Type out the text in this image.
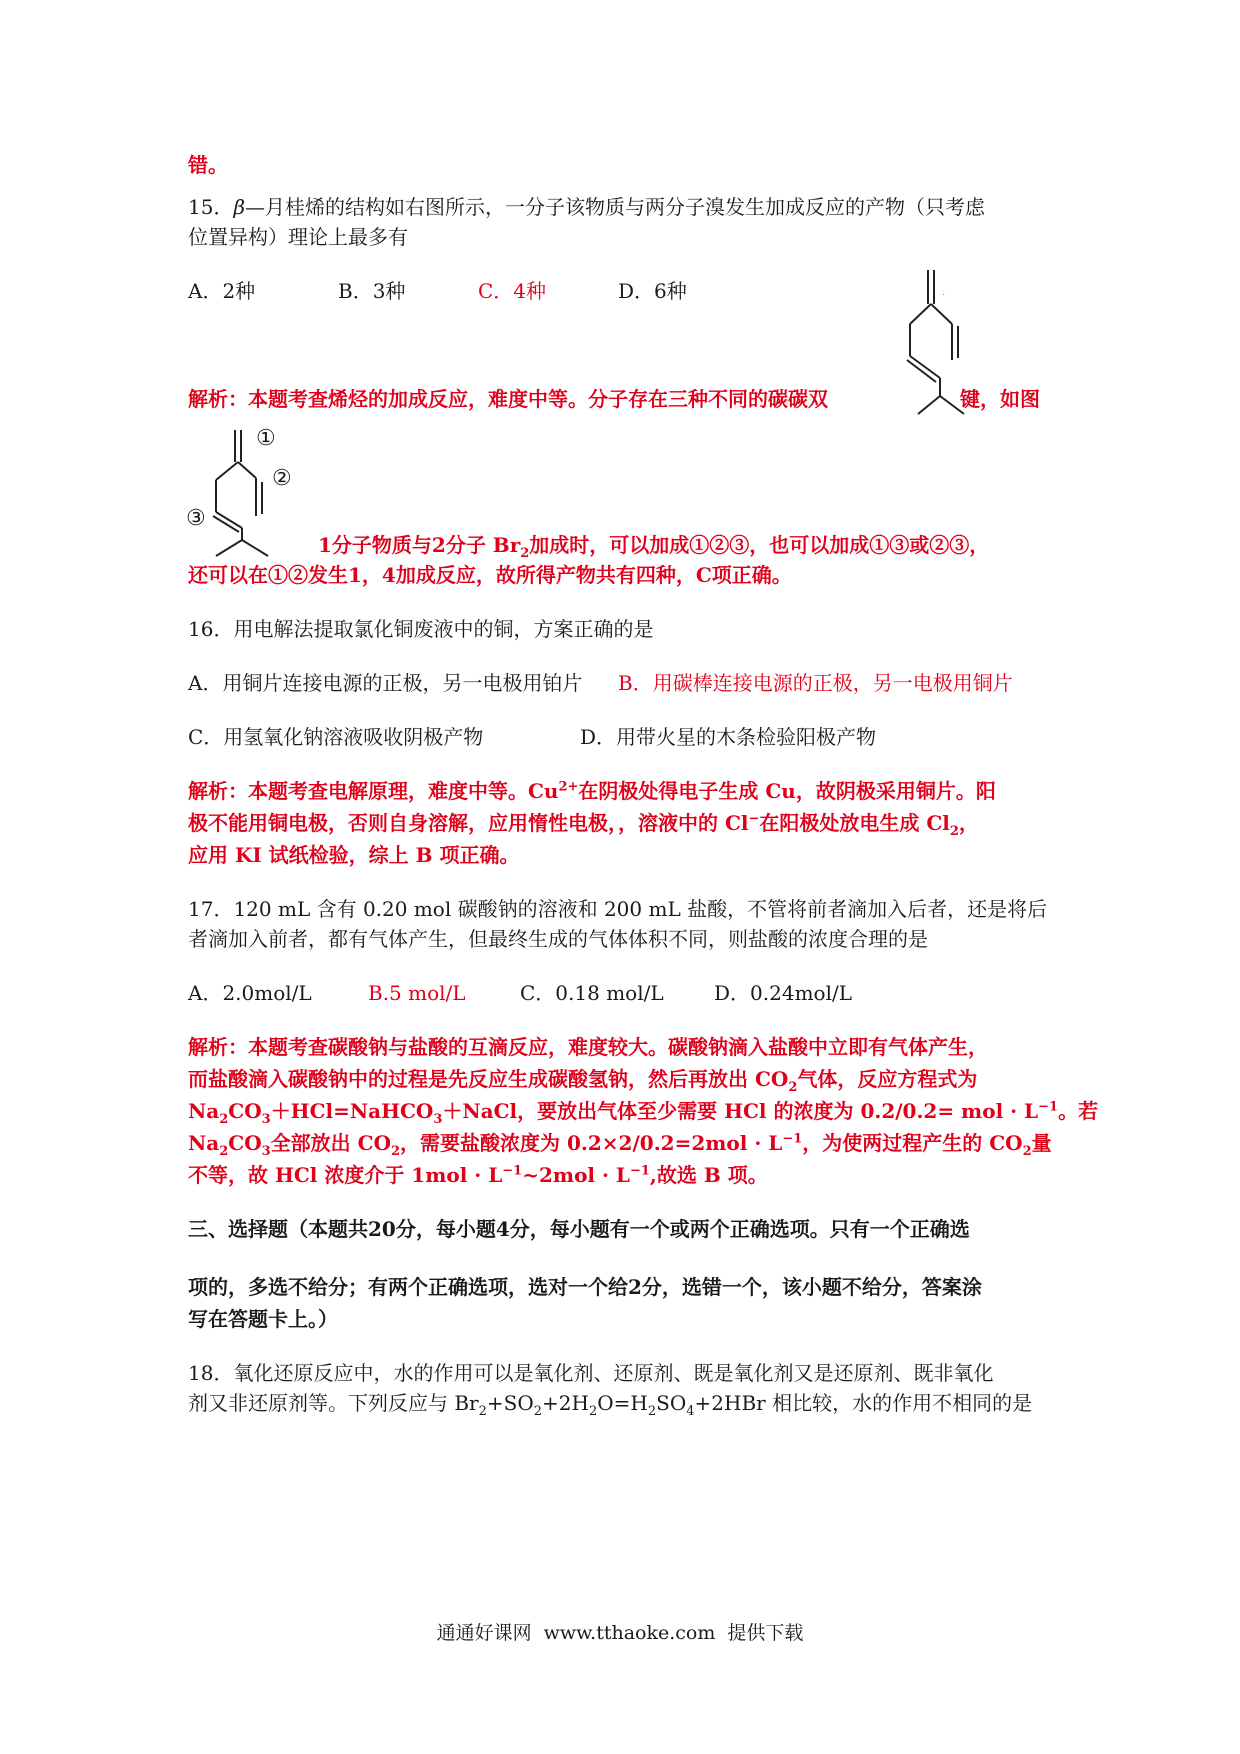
错。
15．β—月桂烯的结构如右图所示，一分子该物质与两分子溴发生加成反应的产物（只考虑
位置异构）理论上最多有
A．2种	B．3种	C．4种	D．6种	·
解析：本题考查烯烃的加成反应，难度中等。分子存在三种不同的碳碳双	键，如图
①
②
③
1分子物质与2分子 $Br_2$加成时，可以加成①②③，也可以加成①③或②③，
还可以在①②发生1，4加成反应，故所得产物共有四种，C项正确。
16．用电解法提取氯化铜废液中的铜，方案正确的是
A．用铜片连接电源的正极，另一电极用铂片 B．用碳棒连接电源的正极，另一电极用铜片
C．用氢氧化钠溶液吸收阴极产物	D．用带火星的木条检验阳极产物
解析：本题考查电解原理，难度中等。$Cu^{2+}$在阴极处得电子生成 Cu，故阴极采用铜片。阳
极不能用铜电极，否则自身溶解，应用惰性电极，，溶液中的 Cl−在阳极处放电生成 $Cl_2$，
应用 KI 试纸检验，综上 B 项正确。
17．120 mL 含有 0.20 mol 碳酸钠的溶液和 200 mL 盐酸，不管将前者滴加入后者，还是将后
者滴加入前者，都有气体产生，但最终生成的气体体积不同，则盐酸的浓度合理的是
A．2.0mol/L	B.5 mol/L	C．0.18 mol/L	D．0.24mol/L
解析：本题考查碳酸钠与盐酸的互滴反应，难度较大。碳酸钠滴入盐酸中立即有气体产生，
而盐酸滴入碳酸钠中的过程是先反应生成碳酸氢钠，然后再放出 $CO_2$气体，反应方程式为
$Na_2CO_3+HCl=NaHCO_3+NaCl$，要放出气体至少需要 HCl 的浓度为 0.2/0.2= mol · $L^{-1}$。若
$Na_2CO_3$全部放出 $CO_2$，需要盐酸浓度为 $0.2\times 2/0.2=2mol \cdot L^{-1}$，为使两过程产生的 $CO_2$量
不等，故 HCl 浓度介于 $1mol \cdot L^{-1}\sim 2mol \cdot L^{-1}$,故选 B 项。
三、选择题（本题共20分，每小题4分，每小题有一个或两个正确选项。只有一个正确选
项的，多选不给分；有两个正确选项，选对一个给2分，选错一个，该小题不给分，答案涂
写在答题卡上。）
18．氧化还原反应中，水的作用可以是氧化剂、还原剂、既是氧化剂又是还原剂、既非氧化
剂又非还原剂等。下列反应与 $Br_2+SO_2+2H_2O=H_2SO_4+2HBr$ 相比较，水的作用不相同的是
通通好课网 www.tthaoke.com 提供下载
